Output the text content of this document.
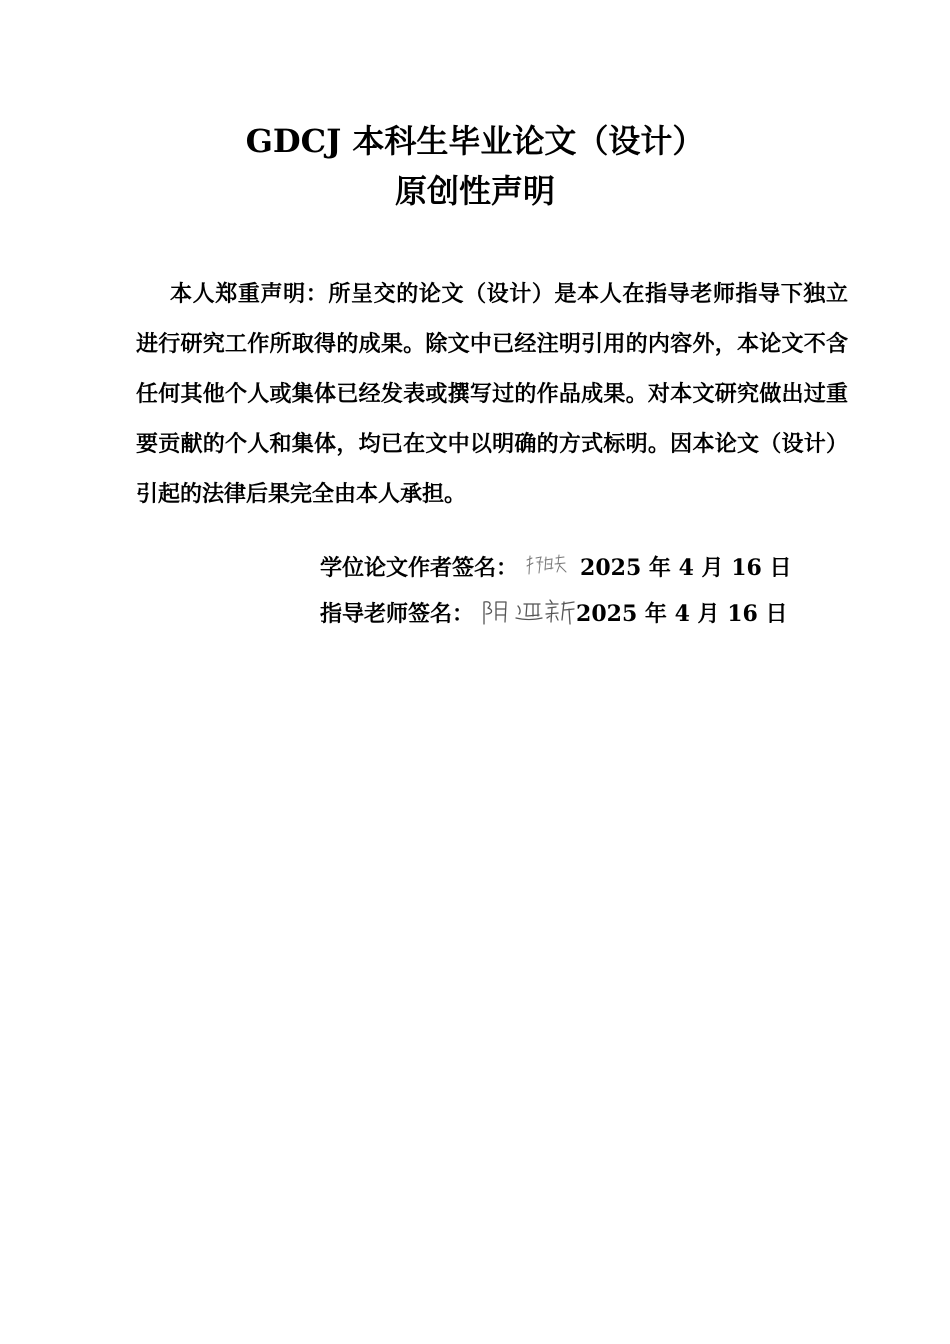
GDCJ 本科生毕业论文（设计）
原创性声明
本人郑重声明：所呈交的论文（设计）是本人在指导老师指导下独立进行研究工作所取得的成果。除文中已经注明引用的内容外，本论文不含任何其他个人或集体已经发表或撰写过的作品成果。对本文研究做出过重要贡献的个人和集体，均已在文中以明确的方式标明。因本论文（设计）引起的法律后果完全由本人承担。
学位论文作者签名：	2025 年 4 月 16 日
指导老师签名：	2025 年 4 月 16 日
